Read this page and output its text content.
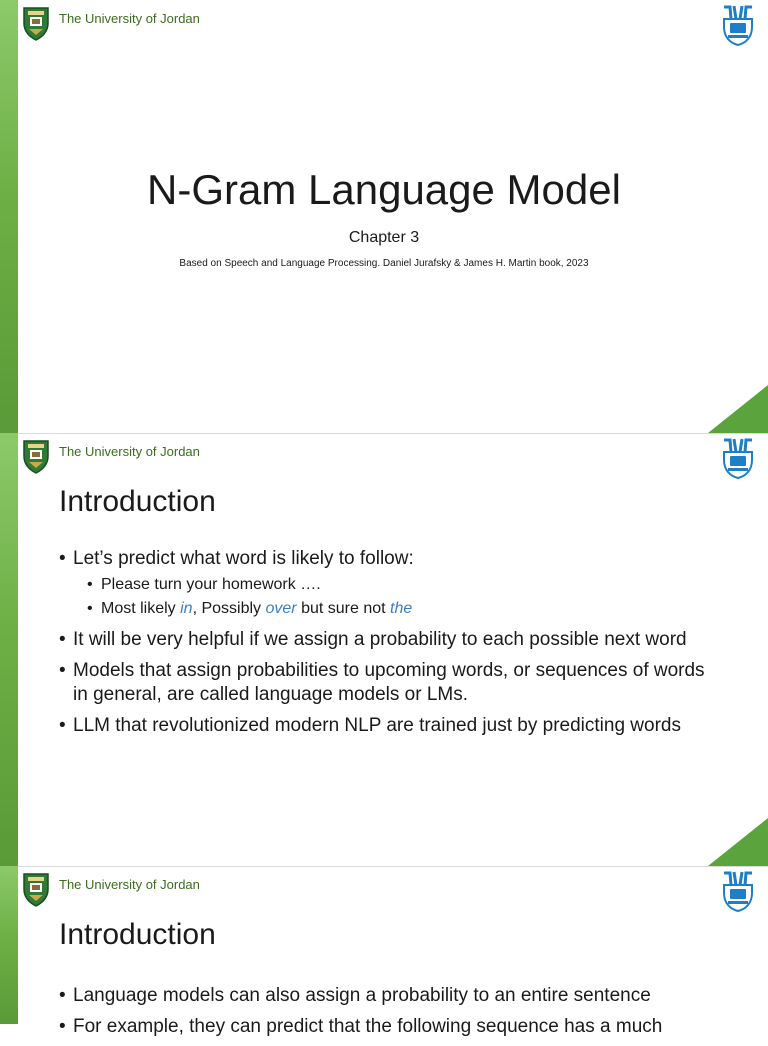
The University of Jordan
N-Gram Language Model
Chapter 3
Based on Speech and Language Processing. Daniel Jurafsky & James H. Martin book, 2023
The University of Jordan
Introduction
• Let’s predict what word is likely to follow:
• Please turn your homework ….
• Most likely in, Possibly over but sure not the
• It will be very helpful if we assign a probability to each possible next word
• Models that assign probabilities to upcoming words, or sequences of words in general, are called language models or LMs.
• LLM that revolutionized modern NLP are trained just by predicting words
The University of Jordan
Introduction
• Language models can also assign a probability to an entire sentence
• For example, they can predict that the following sequence has a much
